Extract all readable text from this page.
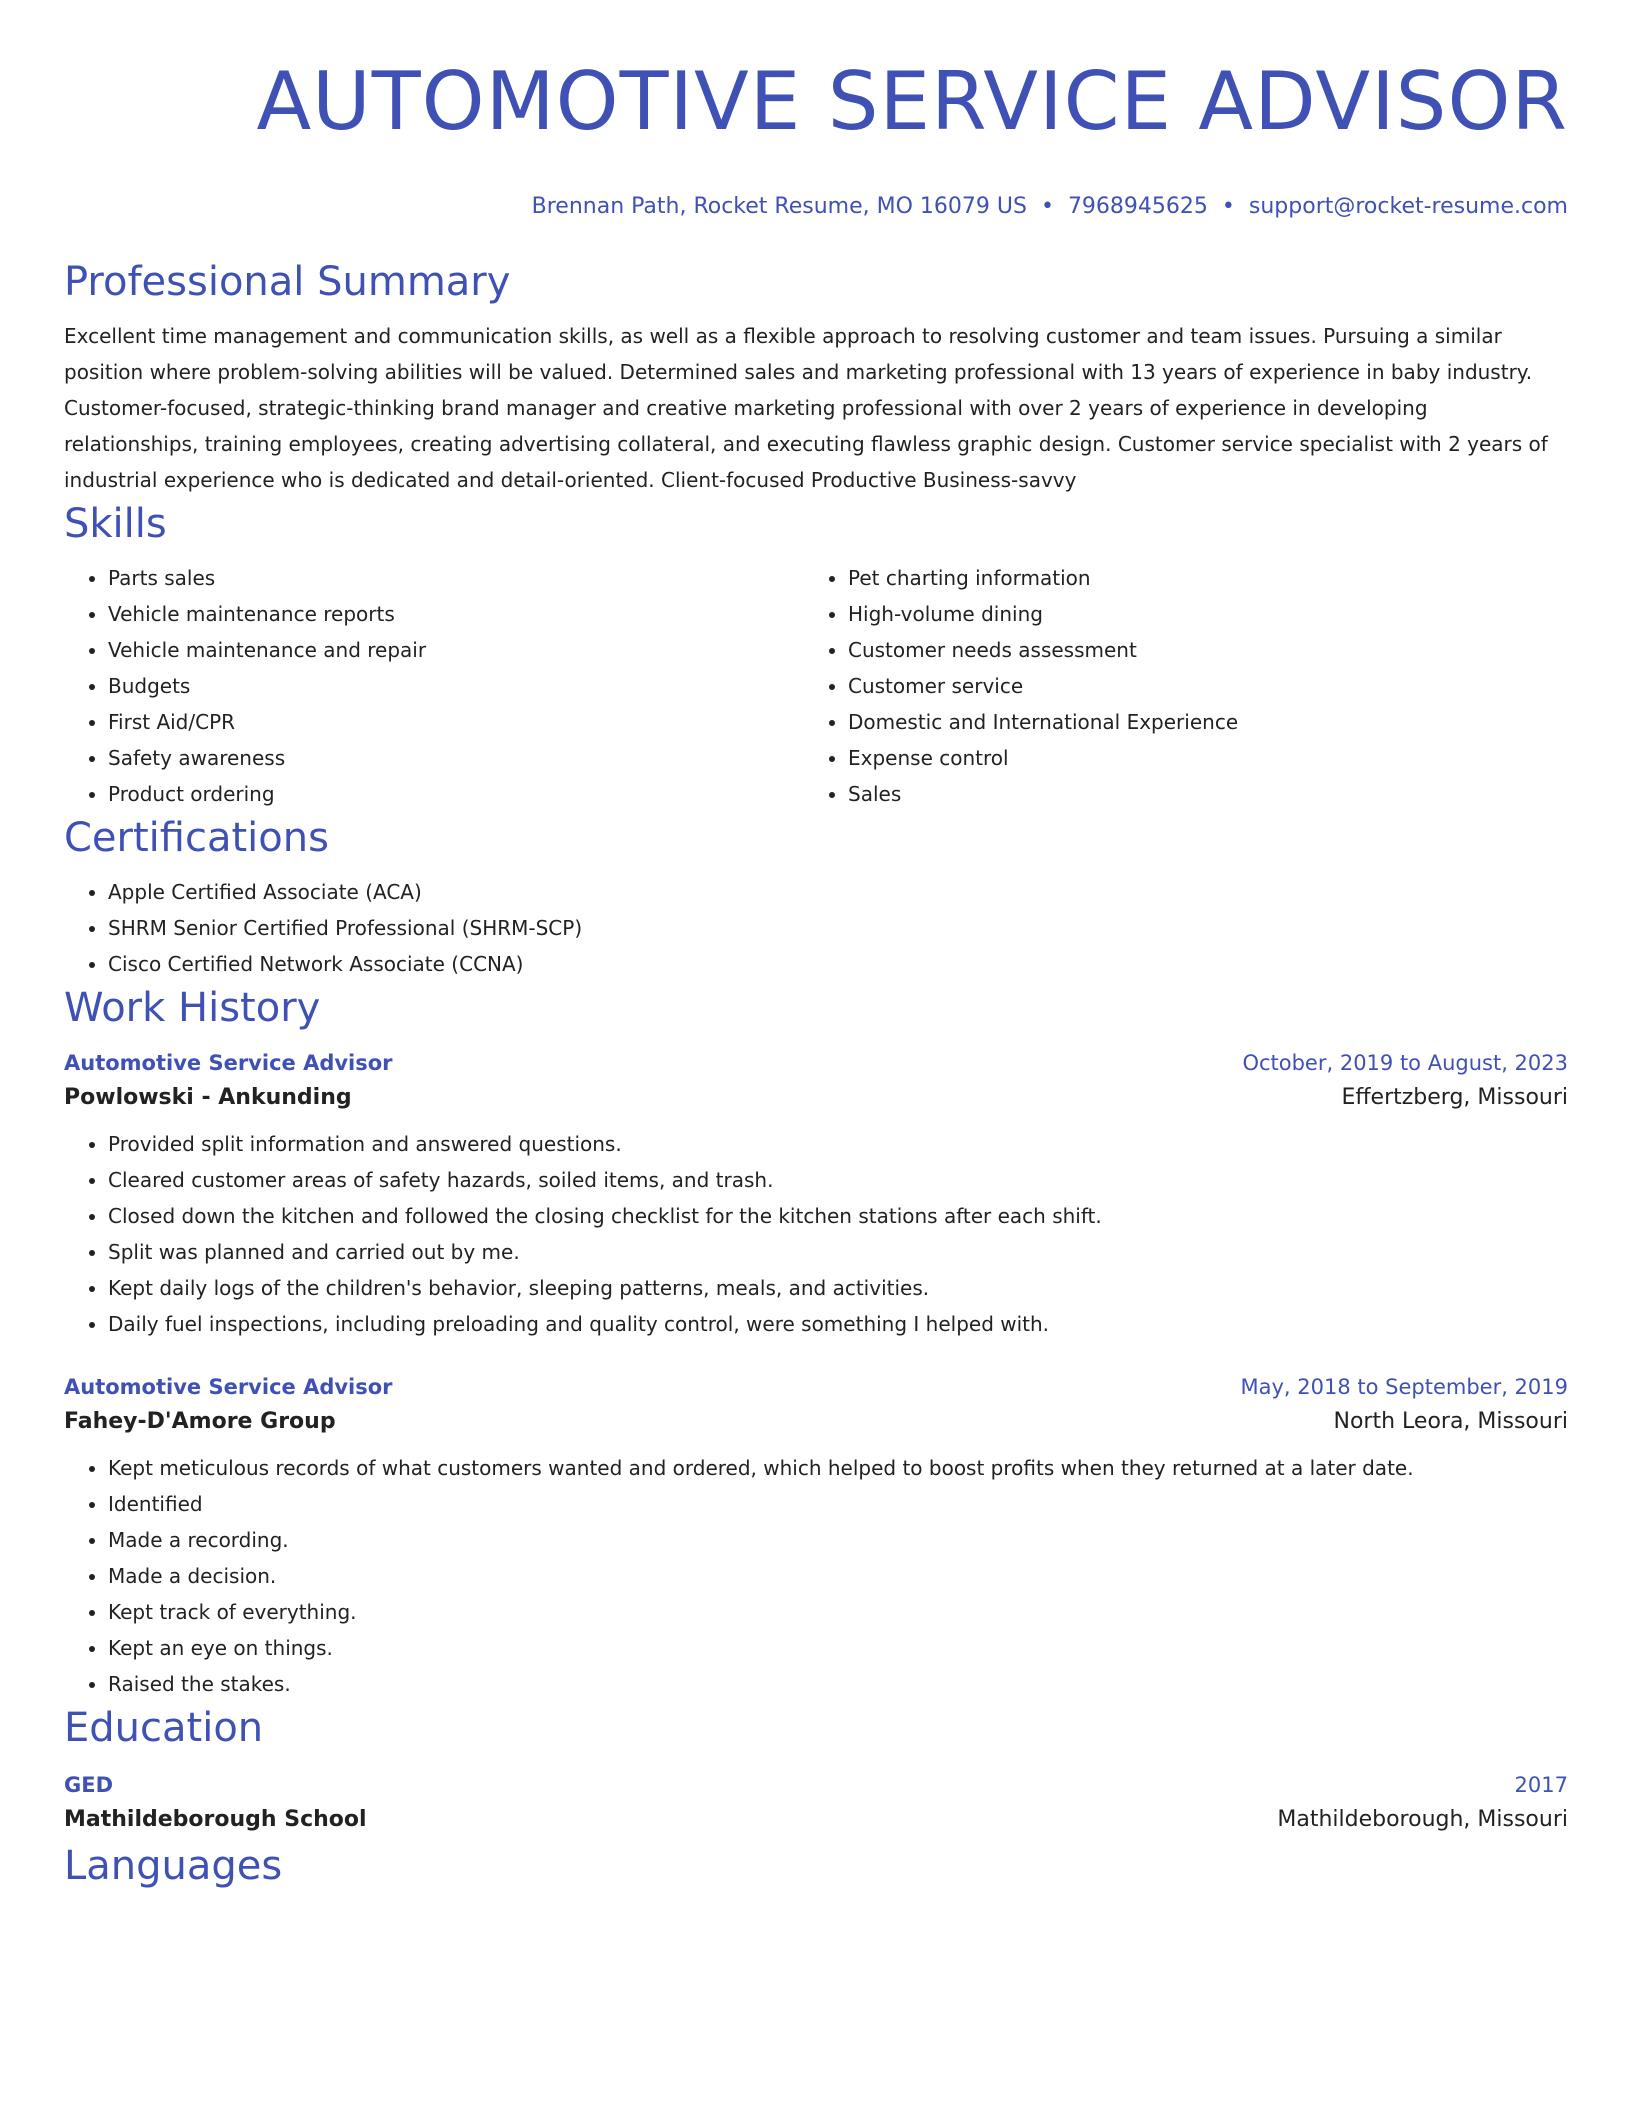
AUTOMOTIVE SERVICE ADVISOR
Brennan Path, Rocket Resume, MO 16079 US • 7968945625 • support@rocket-resume.com
Professional Summary
Excellent time management and communication skills, as well as a flexible approach to resolving customer and team issues. Pursuing a similar position where problem-solving abilities will be valued. Determined sales and marketing professional with 13 years of experience in baby industry. Customer-focused, strategic-thinking brand manager and creative marketing professional with over 2 years of experience in developing relationships, training employees, creating advertising collateral, and executing flawless graphic design. Customer service specialist with 2 years of industrial experience who is dedicated and detail-oriented. Client-focused Productive Business-savvy
Skills
• Parts sales
• Vehicle maintenance reports
• Vehicle maintenance and repair
• Budgets
• First Aid/CPR
• Safety awareness
• Product ordering
• Pet charting information
• High-volume dining
• Customer needs assessment
• Customer service
• Domestic and International Experience
• Expense control
• Sales
Certifications
• Apple Certified Associate (ACA)
• SHRM Senior Certified Professional (SHRM-SCP)
• Cisco Certified Network Associate (CCNA)
Work History
Automotive Service Advisor	October, 2019 to August, 2023
Powlowski - Ankunding	Effertzberg, Missouri
• Provided split information and answered questions.
• Cleared customer areas of safety hazards, soiled items, and trash.
• Closed down the kitchen and followed the closing checklist for the kitchen stations after each shift.
• Split was planned and carried out by me.
• Kept daily logs of the children's behavior, sleeping patterns, meals, and activities.
• Daily fuel inspections, including preloading and quality control, were something I helped with.
Automotive Service Advisor	May, 2018 to September, 2019
Fahey-D'Amore Group	North Leora, Missouri
• Kept meticulous records of what customers wanted and ordered, which helped to boost profits when they returned at a later date.
• Identified
• Made a recording.
• Made a decision.
• Kept track of everything.
• Kept an eye on things.
• Raised the stakes.
Education
GED	2017
Mathildeborough School	Mathildeborough, Missouri
Languages
